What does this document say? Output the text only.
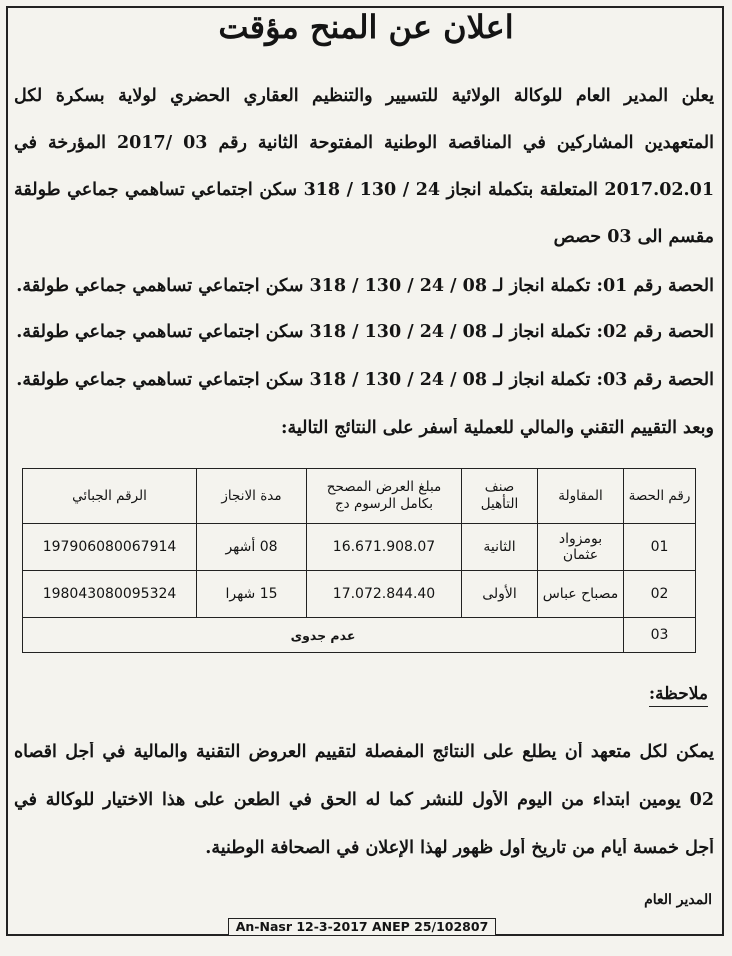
اعلان عن المنح مؤقت
يعلن المدير العام للوكالة الولائية للتسيير والتنظيم العقاري الحضري لولاية بسكرة لكل
المتعهدين المشاركين في المناقصة الوطنية المفتوحة الثانية رقم 03 /2017 المؤرخة في
2017.02.01 المتعلقة بتكملة انجاز 24 / 130 / 318 سكن اجتماعي تساهمي جماعي طولقة
مقسم الى 03 حصص
الحصة رقم 01: تكملة انجاز لـ 08 / 24 / 130 / 318 سكن اجتماعي تساهمي جماعي طولقة.
الحصة رقم 02: تكملة انجاز لـ 08 / 24 / 130 / 318 سكن اجتماعي تساهمي جماعي طولقة.
الحصة رقم 03: تكملة انجاز لـ 08 / 24 / 130 / 318 سكن اجتماعي تساهمي جماعي طولقة.
وبعد التقييم التقني والمالي للعملية أسفر على النتائج التالية:
رقم الحصة	المقاولة	صنف التأهيل	مبلغ العرض المصحح بكامل الرسوم دج	مدة الانجاز	الرقم الجبائي
01	بومزواد عثمان	الثانية	16.671.908.07	08 أشهر	197906080067914
02	مصباح عباس	الأولى	17.072.844.40	15 شهرا	198043080095324
03	عدم جدوى				
ملاحظة:
يمكن لكل متعهد أن يطلع على النتائج المفصلة لتقييم العروض التقنية والمالية في أجل اقصاه
02 يومين ابتداء من اليوم الأول للنشر كما له الحق في الطعن على هذا الاختيار للوكالة في
أجل خمسة أيام من تاريخ أول ظهور لهذا الإعلان في الصحافة الوطنية.
المدير العام
An-Nasr 12-3-2017 ANEP 25/102807
